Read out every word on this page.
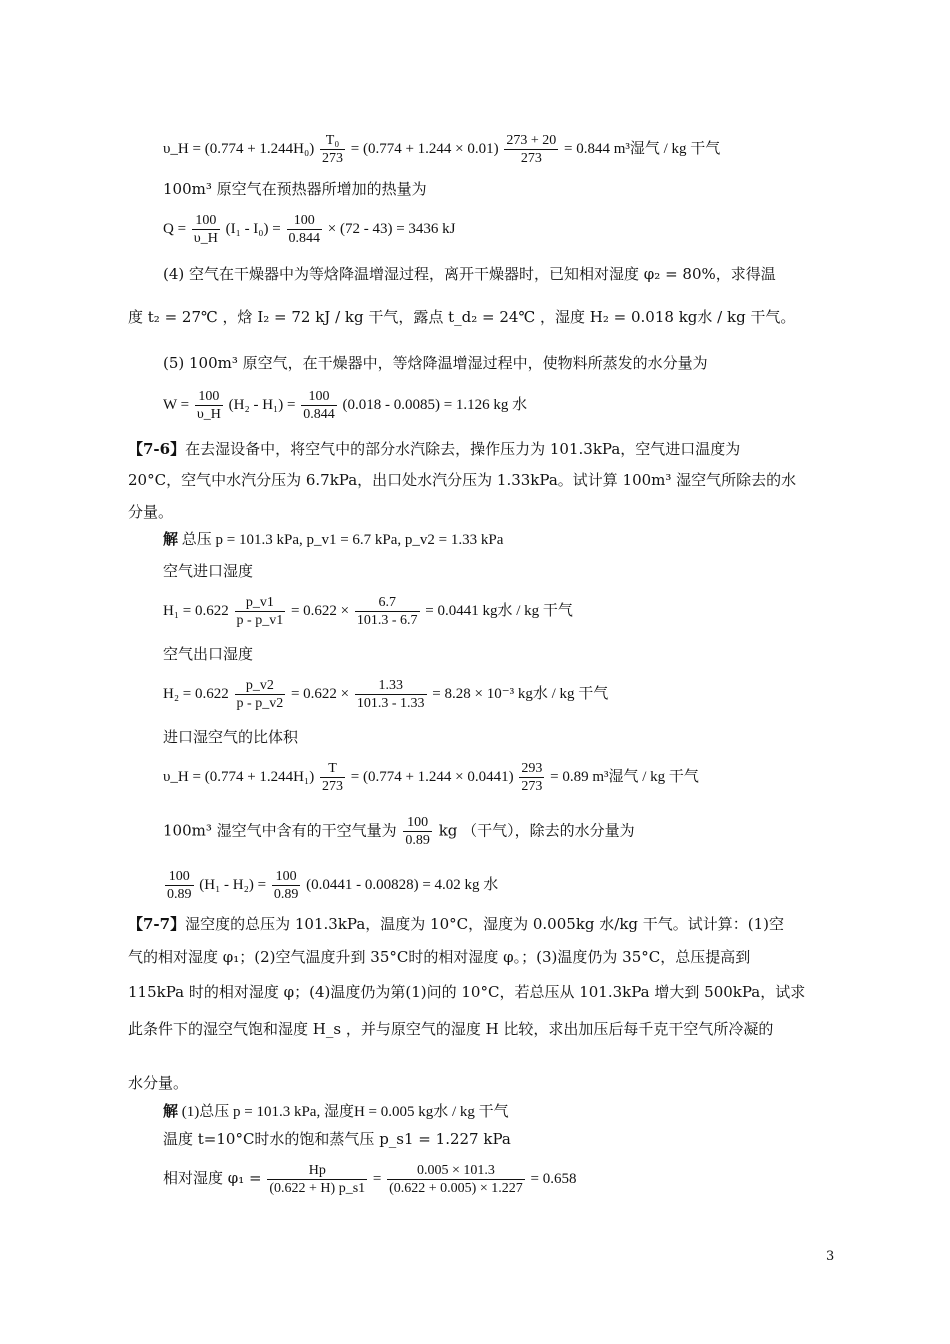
υ_H = $(0.774 + 1.244H_0) \frac{\text{T₀}}{273} = (0.774 + 1.244 \times 0.01) \frac{273 + 20}{273} = 0.844$ m³湿气 / kg 干气
100m³ 原空气在预热器所增加的热量为
$Q = \frac{100}{\upsilon\_H} (I_1 - I_0) = \frac{100}{0.844} \times (72 - 43) = 3436$ kJ
(4) 空气在干燥器中为等焓降温增湿过程，离开干燥器时，已知相对湿度 φ₂ = 80%，求得温
度 t₂ = 27℃ ，焓 I₂ = 72 kJ / kg 干气，露点 t_d₂ = 24℃ ，湿度 H₂ = 0.018 kg水 / kg 干气。
(5) 100m³ 原空气，在干燥器中，等焓降温增湿过程中，使物料所蒸发的水分量为
$W = \frac{100}{\upsilon\_H} (H_2 - H_1) = \frac{100}{0.844} (0.018 - 0.0085) = 1.126$ kg 水
【7-6】在去湿设备中，将空气中的部分水汽除去，操作压力为 101.3kPa，空气进口温度为
20°C，空气中水汽分压为 6.7kPa，出口处水汽分压为 1.33kPa。试计算 100m³ 湿空气所除去的水
分量。
解 总压 p = 101.3 kPa, p_v1 = 6.7 kPa, p_v2 = 1.33 kPa
空气进口湿度
$H_1 = 0.622 \frac{p\_v1}{p - p\_v1} = 0.622 \times \frac{6.7}{101.3 - 6.7} = 0.0441$ kg水 / kg 干气
空气出口湿度
$H_2 = 0.622 \frac{p\_v2}{p - p\_v2} = 0.622 \times \frac{1.33}{101.3 - 1.33} = 8.28 \times 10^{-3}$ kg水 / kg 干气
进口湿空气的比体积
υ_H = $(0.774 + 1.244H_1) \frac{T}{273} = (0.774 + 1.244 \times 0.0441) \frac{293}{273} = 0.89$ m³湿气 / kg 干气
100m³ 湿空气中含有的干空气量为 $\frac{100}{0.89}$ kg （干气），除去的水分量为
$\frac{100}{0.89} (H_1 - H_2) = \frac{100}{0.89} (0.0441 - 0.00828) = 4.02$ kg 水
【7-7】湿空度的总压为 101.3kPa，温度为 10°C，湿度为 0.005kg 水/kg 干气。试计算：(1)空
气的相对湿度 φ₁；(2)空气温度升到 35°C时的相对湿度 φ。；(3)温度仍为 35°C，总压提高到
115kPa 时的相对湿度 φ；(4)温度仍为第(1)问的 10°C，若总压从 101.3kPa 增大到 500kPa，试求
此条件下的湿空气饱和湿度 H_s ，并与原空气的湿度 H 比较，求出加压后每千克干空气所冷凝的
水分量。
解 (1)总压 p = 101.3 kPa, 湿度H = 0.005 kg水 / kg 干气
温度 t=10°C时水的饱和蒸气压 p_s1 = 1.227 kPa
相对湿度 $\varphi_1 = \frac{Hp}{(0.622 + H) p\_s1} = \frac{0.005 \times 101.3}{(0.622 + 0.005) \times 1.227} = 0.658$
3
